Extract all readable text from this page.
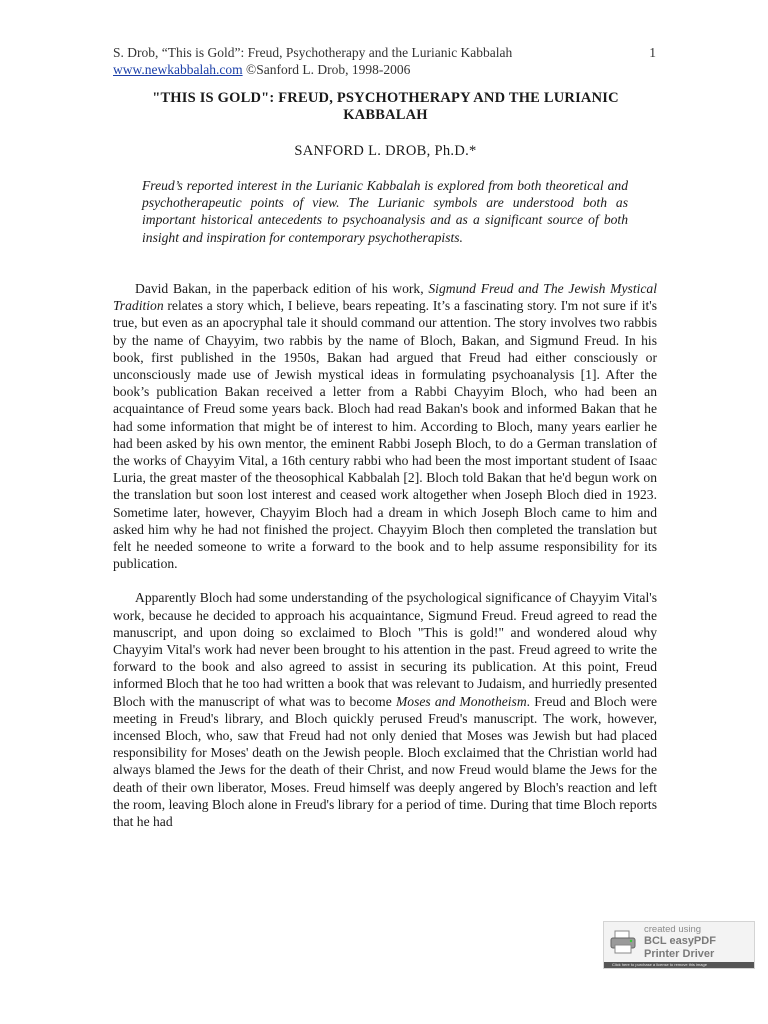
S. Drob, “This is Gold”: Freud, Psychotherapy and the Lurianic Kabbalah	1
www.newkabbalah.com ©Sanford L. Drob, 1998-2006
"THIS IS GOLD": FREUD, PSYCHOTHERAPY AND THE LURIANIC KABBALAH
SANFORD L. DROB, Ph.D.*
Freud’s reported interest in the Lurianic Kabbalah is explored from both theoretical and psychotherapeutic points of view. The Lurianic symbols are understood both as important historical antecedents to psychoanalysis and as a significant source of both insight and inspiration for contemporary psychotherapists.

David Bakan, in the paperback edition of his work, Sigmund Freud and The Jewish Mystical Tradition relates a story which, I believe, bears repeating. It’s a fascinating story. I'm not sure if it's true, but even as an apocryphal tale it should command our attention. The story involves two rabbis by the name of Chayyim, two rabbis by the name of Bloch, Bakan, and Sigmund Freud. In his book, first published in the 1950s, Bakan had argued that Freud had either consciously or unconsciously made use of Jewish mystical ideas in formulating psychoanalysis [1]. After the book’s publication Bakan received a letter from a Rabbi Chayyim Bloch, who had been an acquaintance of Freud some years back. Bloch had read Bakan's book and informed Bakan that he had some information that might be of interest to him. According to Bloch, many years earlier he had been asked by his own mentor, the eminent Rabbi Joseph Bloch, to do a German translation of the works of Chayyim Vital, a 16th century rabbi who had been the most important student of Isaac Luria, the great master of the theosophical Kabbalah [2]. Bloch told Bakan that he'd begun work on the translation but soon lost interest and ceased work altogether when Joseph Bloch died in 1923. Sometime later, however, Chayyim Bloch had a dream in which Joseph Bloch came to him and asked him why he had not finished the project. Chayyim Bloch then completed the translation but felt he needed someone to write a forward to the book and to help assume responsibility for its publication.

Apparently Bloch had some understanding of the psychological significance of Chayyim Vital's work, because he decided to approach his acquaintance, Sigmund Freud. Freud agreed to read the manuscript, and upon doing so exclaimed to Bloch "This is gold!" and wondered aloud why Chayyim Vital's work had never been brought to his attention in the past. Freud agreed to write the forward to the book and also agreed to assist in securing its publication. At this point, Freud informed Bloch that he too had written a book that was relevant to Judaism, and hurriedly presented Bloch with the manuscript of what was to become Moses and Monotheism. Freud and Bloch were meeting in Freud's library, and Bloch quickly perused Freud's manuscript. The work, however, incensed Bloch, who, saw that Freud had not only denied that Moses was Jewish but had placed responsibility for Moses' death on the Jewish people. Bloch exclaimed that the Christian world had always blamed the Jews for the death of their Christ, and now Freud would blame the Jews for the death of their own liberator, Moses. Freud himself was deeply angered by Bloch's reaction and left the room, leaving Bloch alone in Freud's library for a period of time. During that time Bloch reports that he had

created using
BCL easyPDF
Printer Driver
Click here to purchase a license to remove this image
